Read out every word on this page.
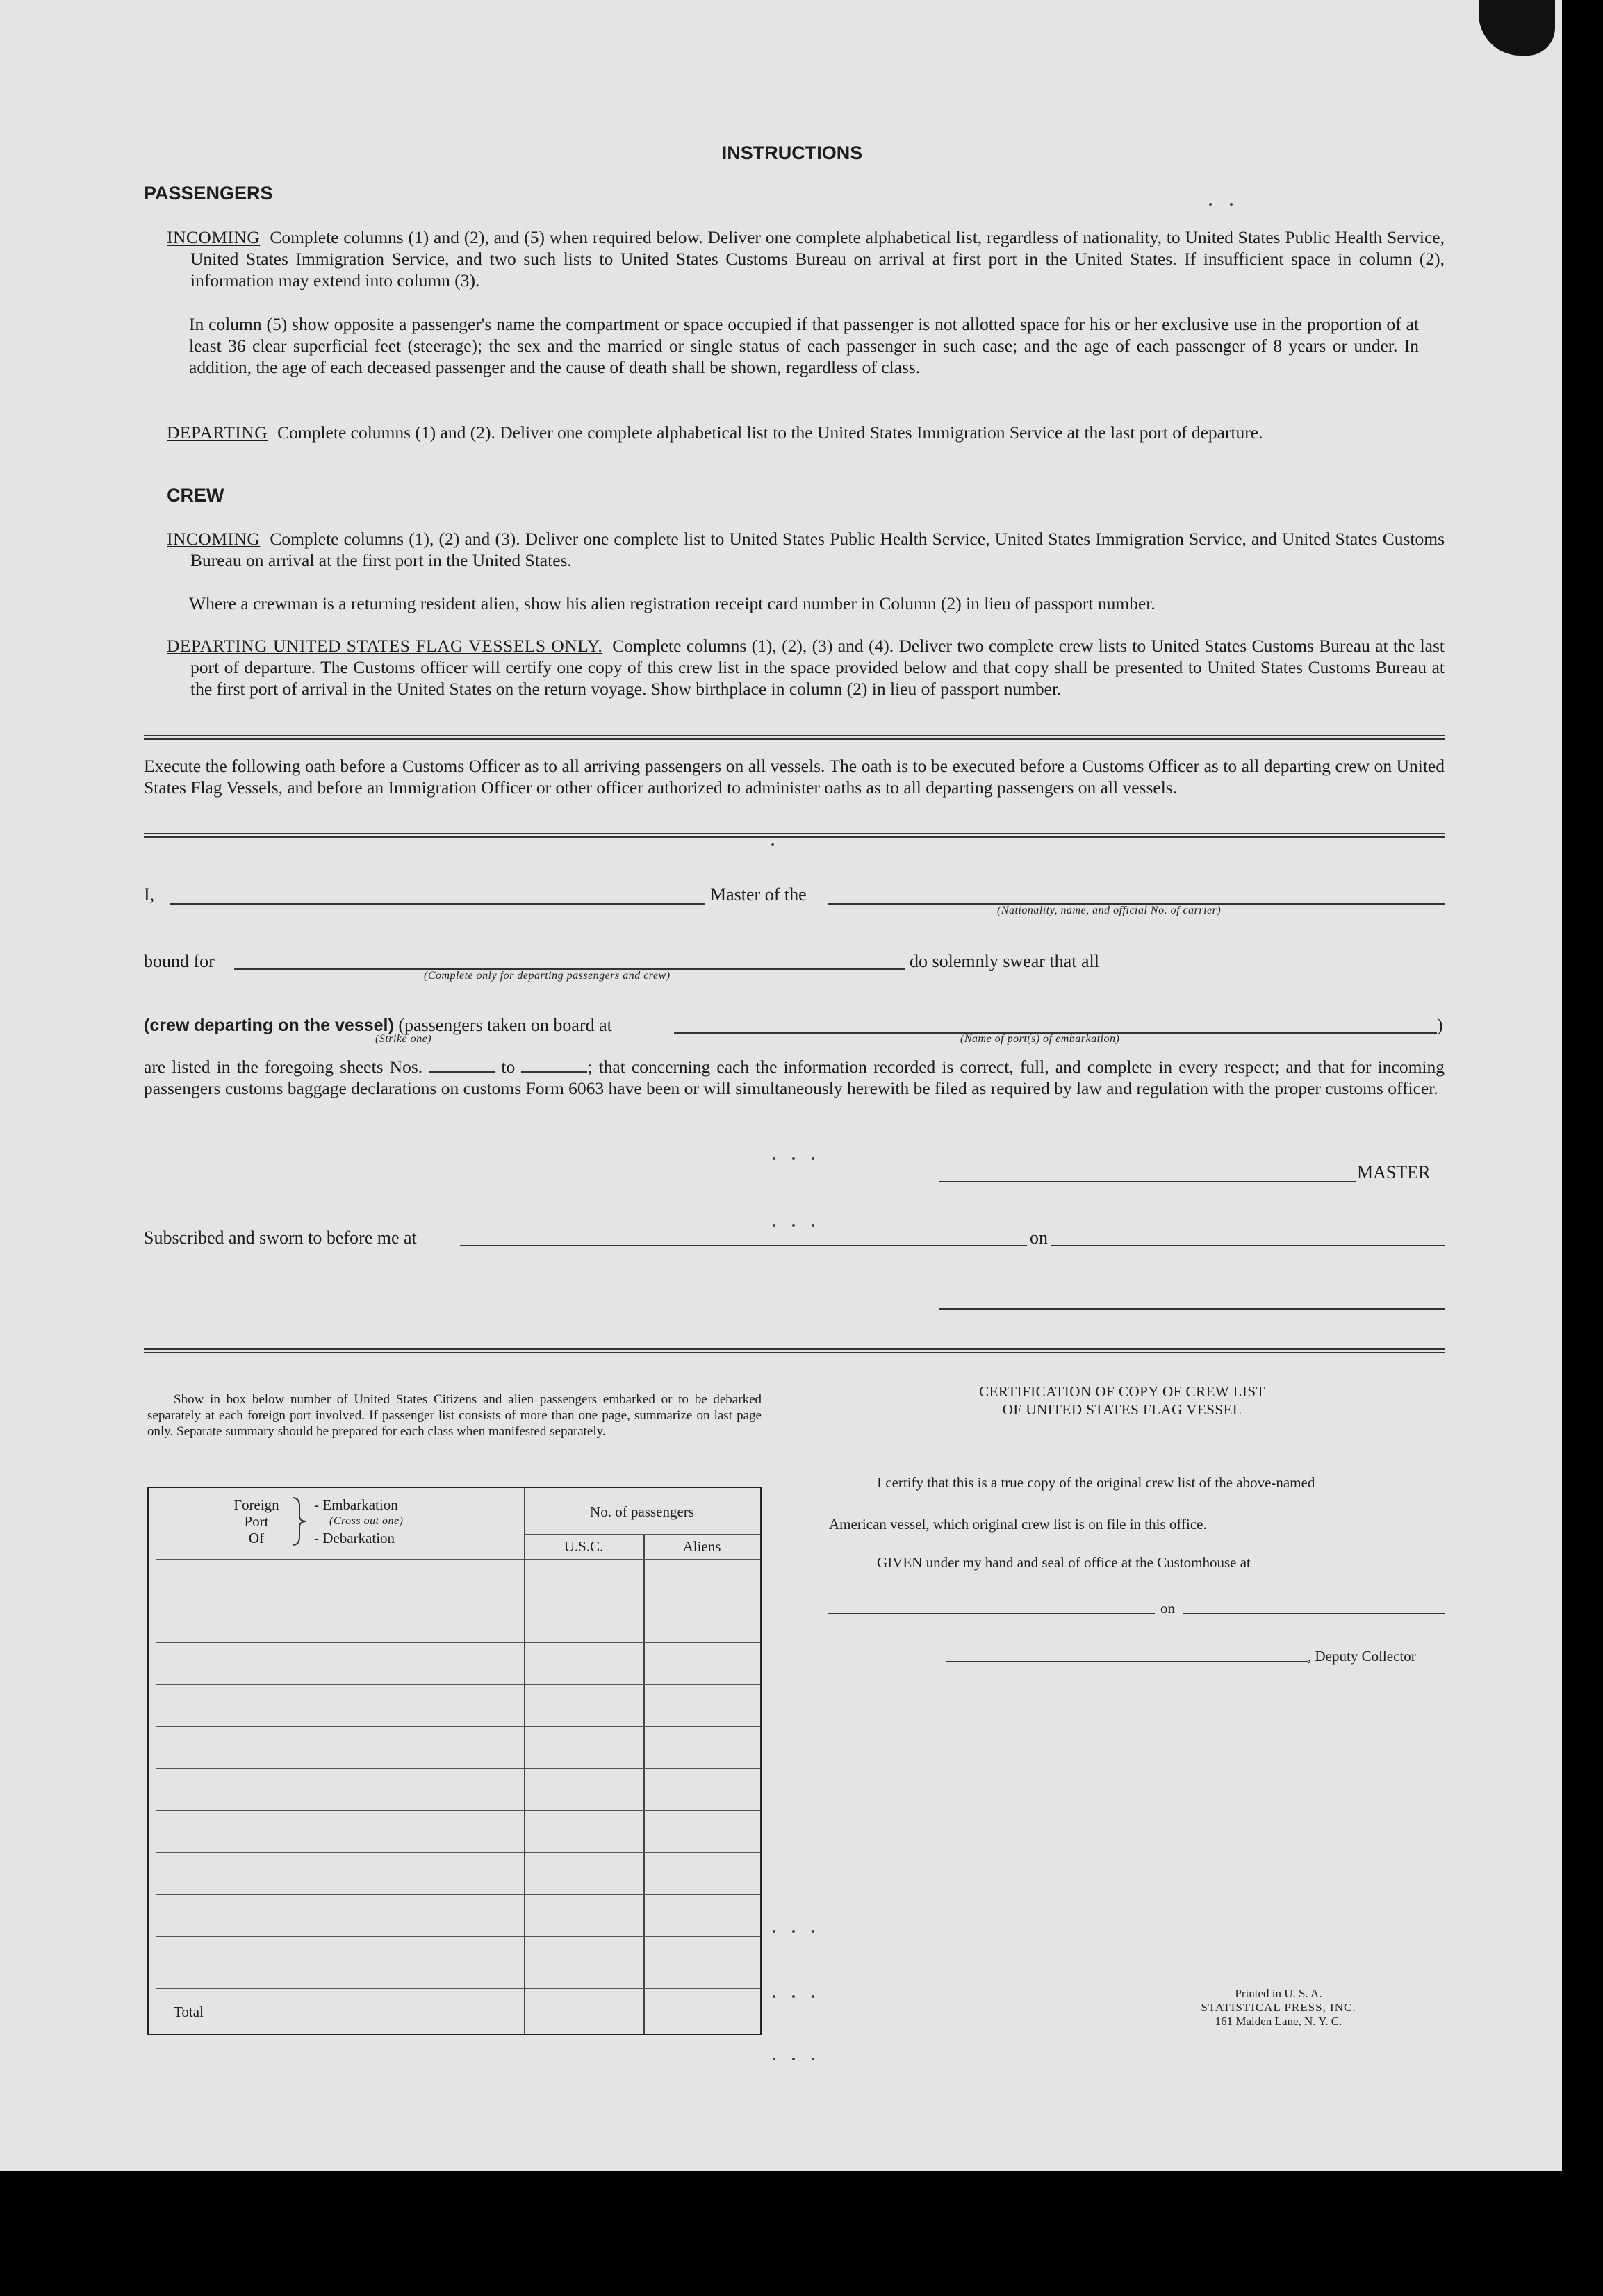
INSTRUCTIONS
PASSENGERS
INCOMING Complete columns (1) and (2), and (5) when required below. Deliver one complete alphabetical list, regardless of nationality, to United States Public Health Service, United States Immigration Service, and two such lists to United States Customs Bureau on arrival at first port in the United States. If insufficient space in column (2), information may extend into column (3).
In column (5) show opposite a passenger's name the compartment or space occupied if that passenger is not allotted space for his or her exclusive use in the proportion of at least 36 clear superficial feet (steerage); the sex and the married or single status of each passenger in such case; and the age of each passenger of 8 years or under. In addition, the age of each deceased passenger and the cause of death shall be shown, regardless of class.
DEPARTING Complete columns (1) and (2). Deliver one complete alphabetical list to the United States Immigration Service at the last port of departure.
CREW
INCOMING Complete columns (1), (2) and (3). Deliver one complete list to United States Public Health Service, United States Immigration Service, and United States Customs Bureau on arrival at the first port in the United States.
Where a crewman is a returning resident alien, show his alien registration receipt card number in Column (2) in lieu of passport number.
DEPARTING UNITED STATES FLAG VESSELS ONLY. Complete columns (1), (2), (3) and (4). Deliver two complete crew lists to United States Customs Bureau at the last port of departure. The Customs officer will certify one copy of this crew list in the space provided below and that copy shall be presented to United States Customs Bureau at the first port of arrival in the United States on the return voyage. Show birthplace in column (2) in lieu of passport number.
Execute the following oath before a Customs Officer as to all arriving passengers on all vessels. The oath is to be executed before a Customs Officer as to all departing crew on United States Flag Vessels, and before an Immigration Officer or other officer authorized to administer oaths as to all departing passengers on all vessels.
I,	Master of the
(Nationality, name, and official No. of carrier)
bound for
(Complete only for departing passengers and crew)
do solemnly swear that all
(crew departing on the vessel) (passengers taken on board at	)
(Strike one)	(Name of port(s) of embarkation)
are listed in the foregoing sheets Nos.	to	; that concerning each the information recorded is correct, full, and complete in every respect; and that for incoming passengers customs baggage declarations on customs Form 6063 have been or will simultaneously herewith be filed as required by law and regulation with the proper customs officer.
MASTER
Subscribed and sworn to before me at	on
Show in box below number of United States Citizens and alien passengers embarked or to be debarked separately at each foreign port involved. If passenger list consists of more than one page, summarize on last page only. Separate summary should be prepared for each class when manifested separately.
Foreign
Port
Of
- Embarkation
(Cross out one)
- Debarkation
No. of passengers
U.S.C.	Aliens
Total
CERTIFICATION OF COPY OF CREW LIST
OF UNITED STATES FLAG VESSEL
I certify that this is a true copy of the original crew list of the above-named
American vessel, which original crew list is on file in this office.
GIVEN under my hand and seal of office at the Customhouse at
on
, Deputy Collector
Printed in U. S. A.
STATISTICAL PRESS, INC.
161 Maiden Lane, N. Y. C.
